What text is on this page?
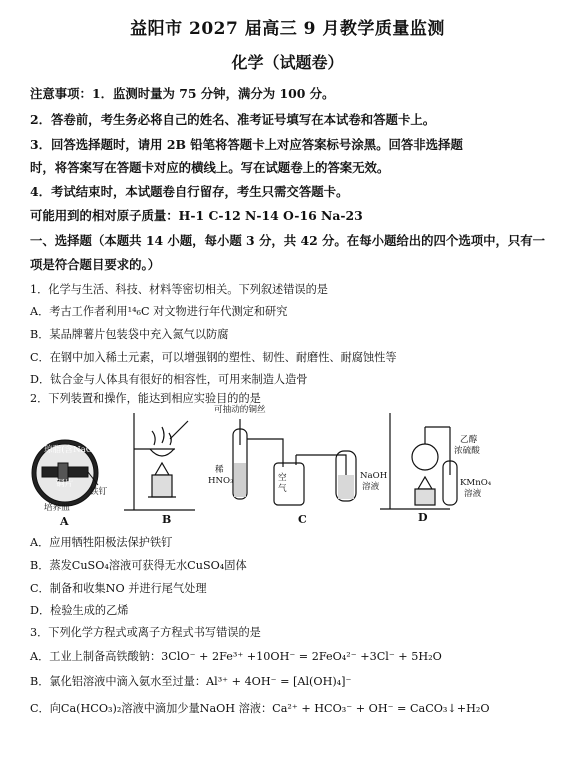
益阳市 2027 届高三 9 月教学质量监测
化学（试题卷）
注意事项：1．监测时量为 75 分钟，满分为 100 分。
2．答卷前，考生务必将自己的姓名、准考证号填写在本试卷和答题卡上。
3．回答选择题时，请用 2B 铅笔将答题卡上对应答案标号涂黑。回答非选择题
时，将答案写在答题卡对应的横线上。写在试题卷上的答案无效。
4．考试结束时，本试题卷自行留存，考生只需交答题卡。
可能用到的相对原子质量：H-1 C-12 N-14 O-16 Na-23
一、选择题（本题共 14 小题，每小题 3 分，共 42 分。在每小题给出的四个选项中，只有一
项是符合题目要求的。）
1．化学与生活、科技、材料等密切相关。下列叙述错误的是
A．考古工作者利用¹⁴₆C 对文物进行年代测定和研究
B．某品牌薯片包装袋中充入氮气以防腐
C．在钢中加入稀土元素，可以增强钢的塑性、韧性、耐磨性、耐腐蚀性等
D．钛合金与人体具有很好的相容性，可用来制造人造骨
2．下列装置和操作，能达到相应实验目的的是
琼脂(含NaCl)
铜片
铁钉
培养皿
可抽动的铜丝
稀
HNO₃	空
气
NaOH
溶液
乙醇
浓硫酸
KMnO₄
溶液
A	B	C	D
A．应用牺牲阳极法保护铁钉
B．蒸发CuSO₄溶液可获得无水CuSO₄固体
C．制备和收集NO 并进行尾气处理
D．检验生成的乙烯
3．下列化学方程式或离子方程式书写错误的是
A．工业上制备高铁酸钠：3ClO⁻ + 2Fe³⁺ +10OH⁻ = 2FeO₄²⁻ +3Cl⁻ + 5H₂O
B．氯化铝溶液中滴入氨水至过量：Al³⁺ + 4OH⁻ = [Al(OH)₄]⁻
C．向Ca(HCO₃)₂溶液中滴加少量NaOH 溶液：Ca²⁺ + HCO₃⁻ + OH⁻ = CaCO₃↓+H₂O
